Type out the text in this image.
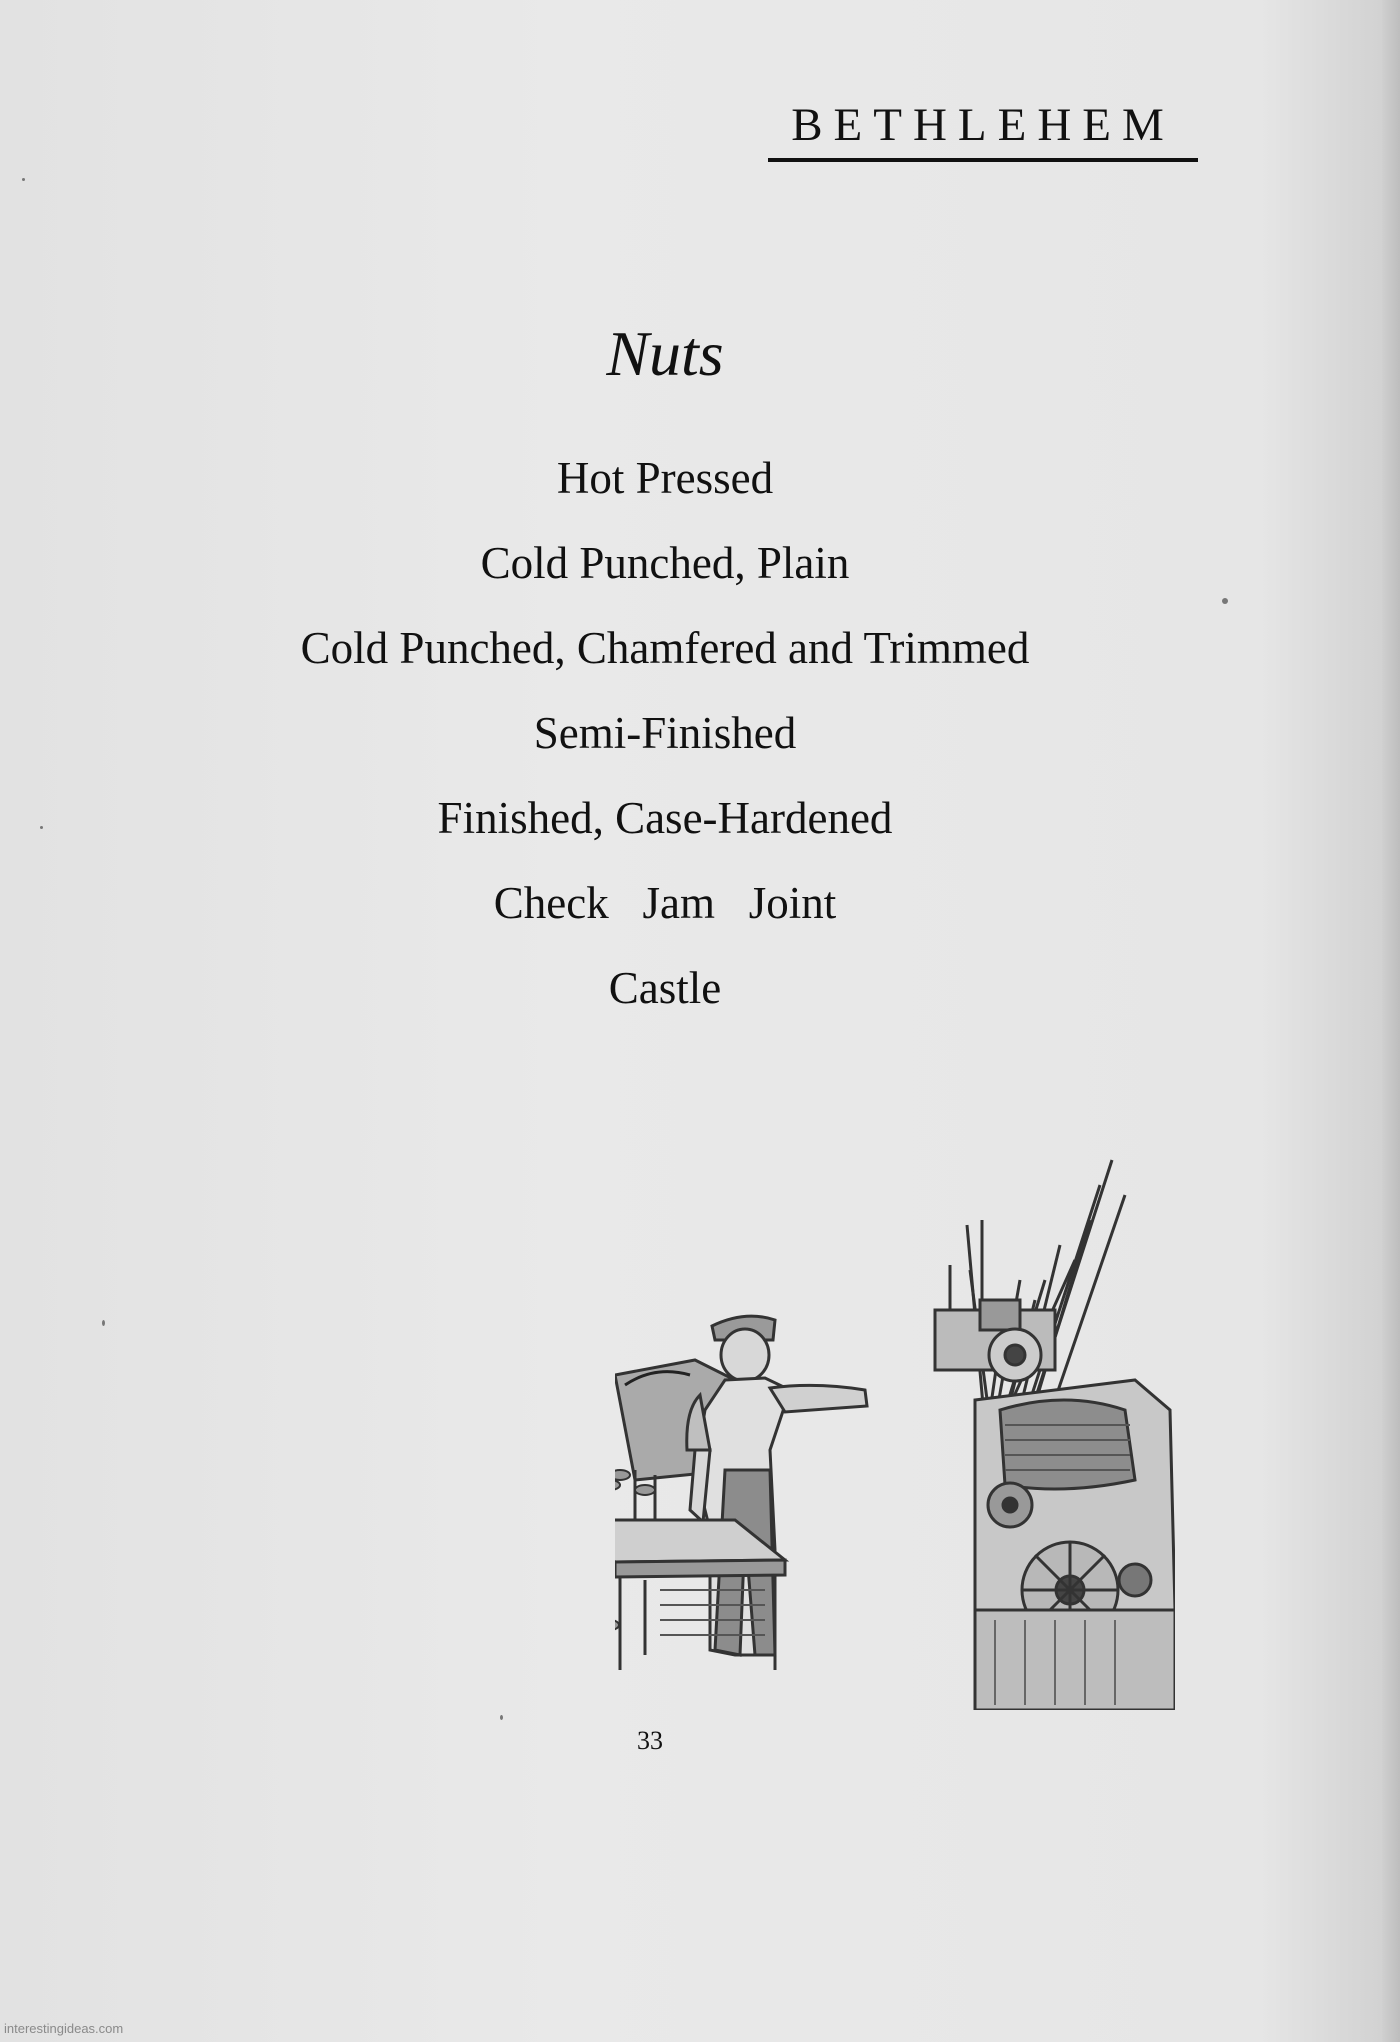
BETHLEHEM
Nuts
Hot Pressed
Cold Punched, Plain
Cold Punched, Chamfered and Trimmed
Semi-Finished
Finished, Case-Hardened
Check   Jam   Joint
Castle
33
interestingideas.com
